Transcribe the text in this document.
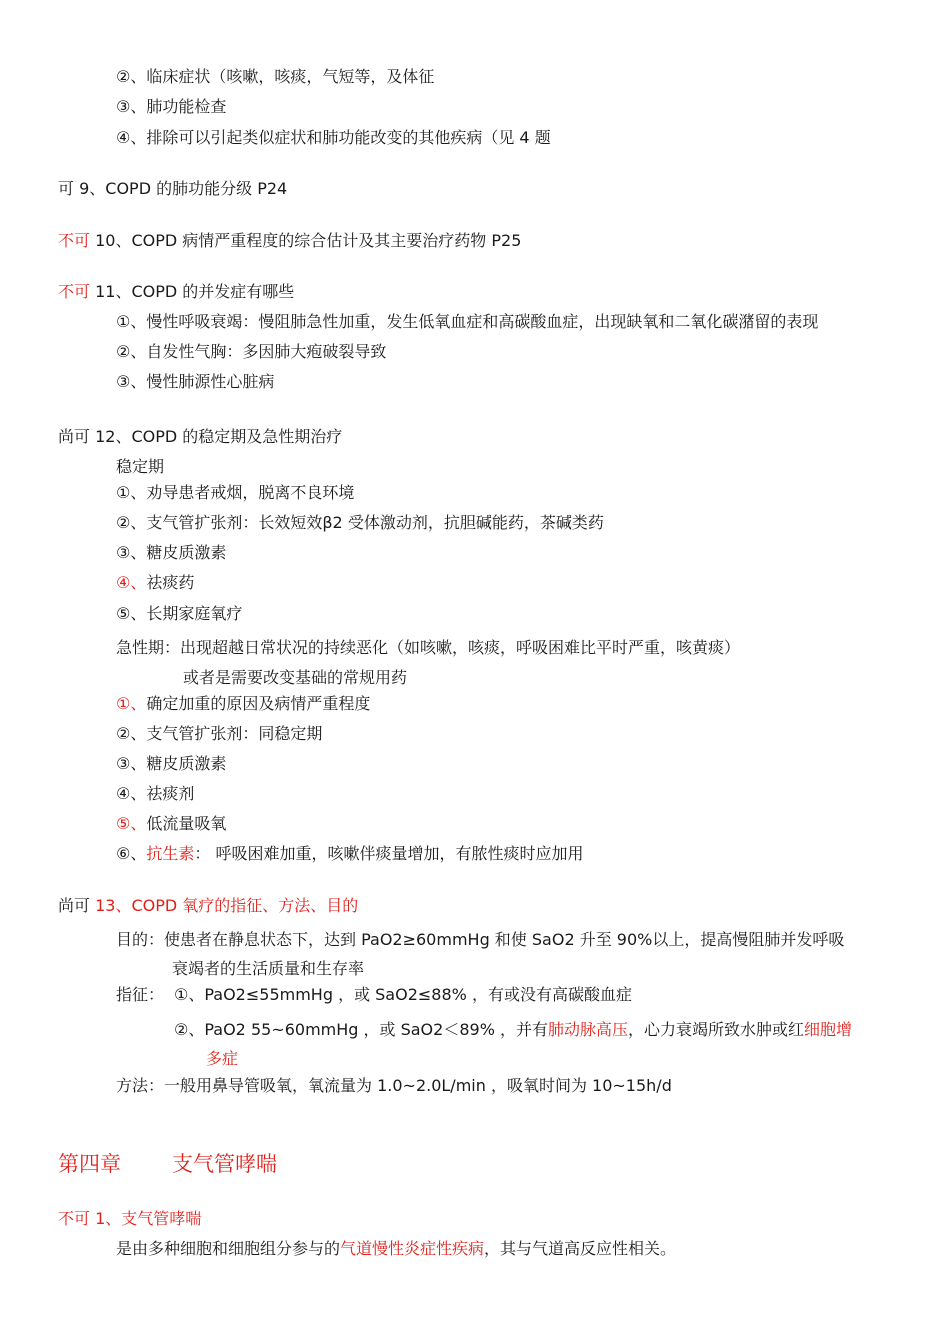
②、临床症状（咳嗽，咳痰，气短等，及体征
③、肺功能检查
④、排除可以引起类似症状和肺功能改变的其他疾病（见 4 题
可 9、COPD 的肺功能分级 P24
不可 10、COPD 病情严重程度的综合估计及其主要治疗药物 P25
不可 11、COPD 的并发症有哪些
①、慢性呼吸衰竭：慢阻肺急性加重，发生低氧血症和高碳酸血症，出现缺氧和二氧化碳潴留的表现
②、自发性气胸：多因肺大疱破裂导致
③、慢性肺源性心脏病
尚可 12、COPD 的稳定期及急性期治疗
稳定期
①、劝导患者戒烟，脱离不良环境
②、支气管扩张剂：长效短效β2 受体激动剂，抗胆碱能药，茶碱类药
③、糖皮质激素
④、祛痰药
⑤、长期家庭氧疗
急性期：出现超越日常状况的持续恶化（如咳嗽，咳痰，呼吸困难比平时严重，咳黄痰）
或者是需要改变基础的常规用药
①、确定加重的原因及病情严重程度
②、支气管扩张剂：同稳定期
③、糖皮质激素
④、祛痰剂
⑤、低流量吸氧
⑥、抗生素： 呼吸困难加重，咳嗽伴痰量增加，有脓性痰时应加用
尚可 13、COPD 氧疗的指征、方法、目的
目的：使患者在静息状态下，达到 PaO2≥60mmHg 和使 SaO2 升至 90%以上，提高慢阻肺并发呼吸
衰竭者的生活质量和生存率
指征： ①、PaO2≤55mmHg ，或 SaO2≤88% ，有或没有高碳酸血症
②、PaO2 55~60mmHg ，或 SaO2＜89% ，并有肺动脉高压，心力衰竭所致水肿或红细胞增
多症
方法：一般用鼻导管吸氧，氧流量为 1.0~2.0L/min ，吸氧时间为 10~15h/d
第四章 支气管哮喘
不可 1、支气管哮喘
是由多种细胞和细胞组分参与的气道慢性炎症性疾病，其与气道高反应性相关。
